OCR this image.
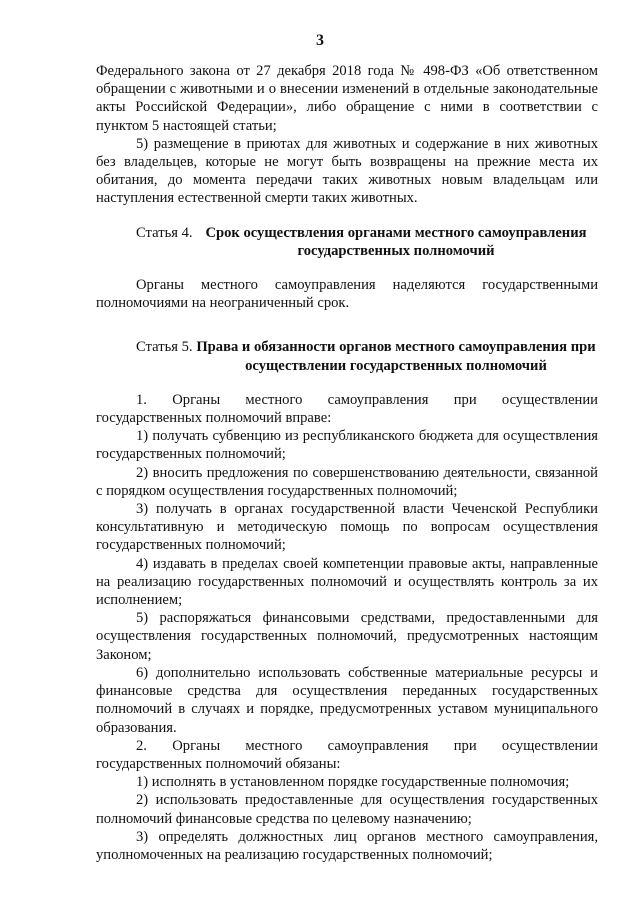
3

Федерального закона от 27 декабря 2018 года № 498-ФЗ «Об ответственном обращении с животными и о внесении изменений в отдельные законодательные акты Российской Федерации», либо обращение с ними в соответствии с пунктом 5 настоящей статьи;

5) размещение в приютах для животных и содержание в них животных без владельцев, которые не могут быть возвращены на прежние места их обитания, до момента передачи таких животных новым владельцам или наступления естественной смерти таких животных.

Статья 4. Срок осуществления органами местного самоуправления государственных полномочий

Органы местного самоуправления наделяются государственными полномочиями на неограниченный срок.

Статья 5. Права и обязанности органов местного самоуправления при осуществлении государственных полномочий

1. Органы местного самоуправления при осуществлении государственных полномочий вправе:

1) получать субвенцию из республиканского бюджета для осуществления государственных полномочий;

2) вносить предложения по совершенствованию деятельности, связанной с порядком осуществления государственных полномочий;

3) получать в органах государственной власти Чеченской Республики консультативную и методическую помощь по вопросам осуществления государственных полномочий;

4) издавать в пределах своей компетенции правовые акты, направленные на реализацию государственных полномочий и осуществлять контроль за их исполнением;

5) распоряжаться финансовыми средствами, предоставленными для осуществления государственных полномочий, предусмотренных настоящим Законом;

6) дополнительно использовать собственные материальные ресурсы и финансовые средства для осуществления переданных государственных полномочий в случаях и порядке, предусмотренных уставом муниципального образования.

2. Органы местного самоуправления при осуществлении государственных полномочий обязаны:

1) исполнять в установленном порядке государственные полномочия;

2) использовать предоставленные для осуществления государственных полномочий финансовые средства по целевому назначению;

3) определять должностных лиц органов местного самоуправления, уполномоченных на реализацию государственных полномочий;
